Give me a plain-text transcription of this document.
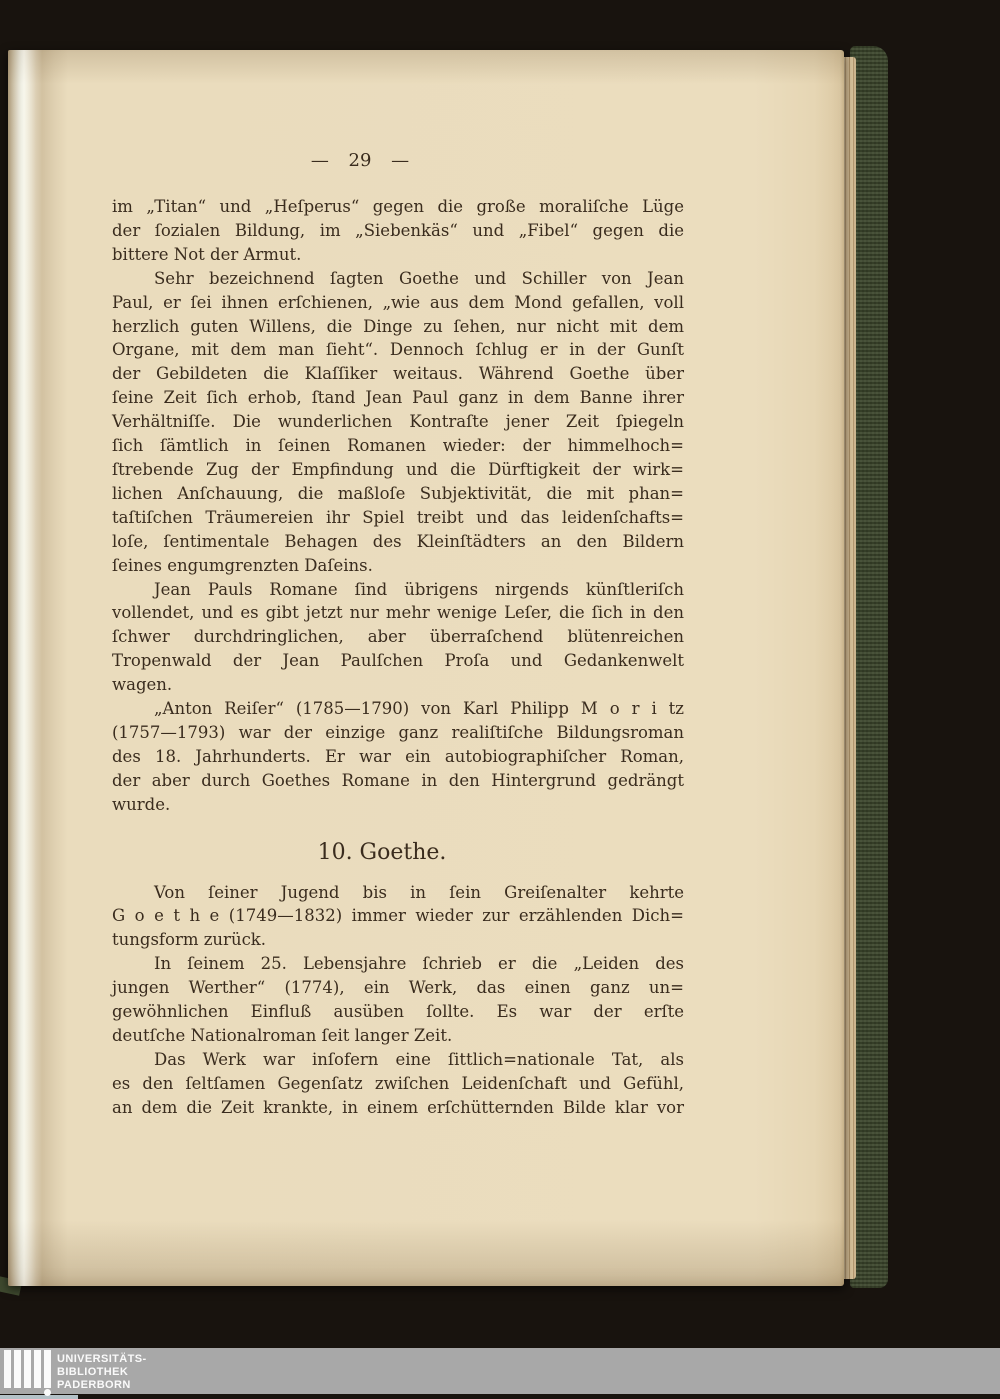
— 29 —
im „Titan“ und „Heſperus“ gegen die große moraliſche Lüge
der ſozialen Bildung, im „Siebenkäs“ und „Fibel“ gegen die
bittere Not der Armut.
Sehr bezeichnend ſagten Goethe und Schiller von Jean
Paul, er ſei ihnen erſchienen, „wie aus dem Mond gefallen, voll
herzlich guten Willens, die Dinge zu ſehen, nur nicht mit dem
Organe, mit dem man ſieht“. Dennoch ſchlug er in der Gunſt
der Gebildeten die Klaſſiker weitaus. Während Goethe über
ſeine Zeit ſich erhob, ſtand Jean Paul ganz in dem Banne ihrer
Verhältniſſe. Die wunderlichen Kontraſte jener Zeit ſpiegeln
ſich ſämtlich in ſeinen Romanen wieder: der himmelhoch=
ſtrebende Zug der Empfindung und die Dürftigkeit der wirk=
lichen Anſchauung, die maßloſe Subjektivität, die mit phan=
taſtiſchen Träumereien ihr Spiel treibt und das leidenſchafts=
loſe, ſentimentale Behagen des Kleinſtädters an den Bildern
ſeines engumgrenzten Daſeins.
Jean Pauls Romane ſind übrigens nirgends künſtleriſch
vollendet, und es gibt jetzt nur mehr wenige Leſer, die ſich in den
ſchwer durchdringlichen, aber überraſchend blütenreichen
Tropenwald der Jean Paulſchen Proſa und Gedankenwelt
wagen.
„Anton Reiſer“ (1785—1790) von Karl Philipp M o r i tz
(1757—1793) war der einzige ganz realiſtiſche Bildungsroman
des 18. Jahrhunderts. Er war ein autobiographiſcher Roman,
der aber durch Goethes Romane in den Hintergrund gedrängt
wurde.
10. Goethe.
Von ſeiner Jugend bis in ſein Greiſenalter kehrte
G o e t h e (1749—1832) immer wieder zur erzählenden Dich=
tungsform zurück.
In ſeinem 25. Lebensjahre ſchrieb er die „Leiden des
jungen Werther“ (1774), ein Werk, das einen ganz un=
gewöhnlichen Einfluß ausüben ſollte. Es war der erſte
deutſche Nationalroman ſeit langer Zeit.
Das Werk war inſofern eine ſittlich=nationale Tat, als
es den ſeltſamen Gegenſatz zwiſchen Leidenſchaft und Gefühl,
an dem die Zeit krankte, in einem erſchütternden Bilde klar vor
UNIVERSITÄTS-
BIBLIOTHEK
PADERBORN
